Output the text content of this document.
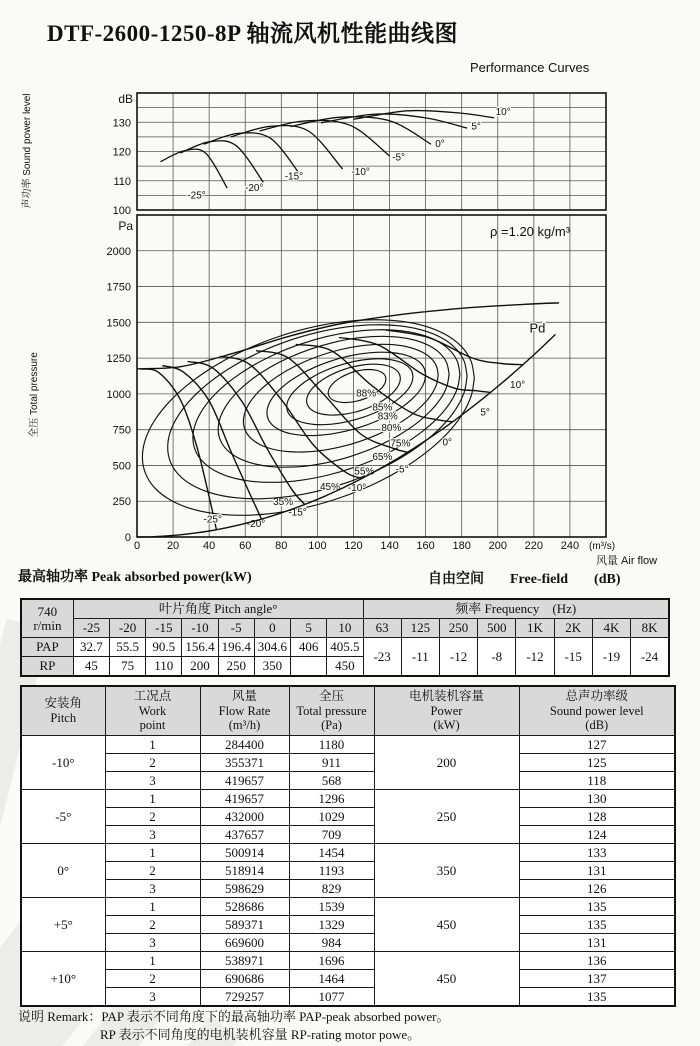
DTF-2600-1250-8P 轴流风机性能曲线图
Performance Curves
100
110
120
130
dB
声功率 Sound power level	-25°
-20°
-15°	-10°
-5°
0°
5°
10°
0
250
500
750
1000
1250
1500
1750
2000
Pa
全压 Total pressure
0 20 40 60 80 100 120 140 160 180 200 220 240 (m³/s)
风量 Air flow
ρ =1.20 kg/m³
35%
45%
55%
65%
75%
80%
83%
85%
88%
-25° -20°
-15°
-10°
-5°
0°
5°
10°
Pd
最高轴功率 Peak absorbed power(kW)	自由空间 Free-field (dB)
740
r/min	叶片角度 Pitch angle°								频率 Frequency　(Hz)							
	-25	-20	-15	-10	-5	0	5	10	63	125	250	500	1K	2K	4K	8K
PAP	32.7	55.5	90.5	156.4	196.4	304.6	406	405.5	-23	-11	-12	-8	-12	-15	-19	-24
RP	45	75	110	200	250	350		450								
安装角
Pitch	工况点
Work
point	风量
Flow Rate
(m³/h)	全压
Total pressure
(Pa)	电机装机容量
Power
(kW)	总声功率级
Sound power level
(dB)
-10°	1	284400	1180	200	127
	2	355371	911		125
	3	419657	568		118
-5°	1	419657	1296	250	130
	2	432000	1029		128
	3	437657	709		124
0°	1	500914	1454	350	133
	2	518914	1193		131
	3	598629	829		126
+5°	1	528686	1539	450	135
	2	589371	1329		135
	3	669600	984		131
+10°	1	538971	1696	450	136
	2	690686	1464		137
	3	729257	1077		135
说明 Remark：PAP 表示不同角度下的最高轴功率 PAP-peak absorbed power。
RP 表示不同角度的电机装机容量 RP-rating motor powe。
